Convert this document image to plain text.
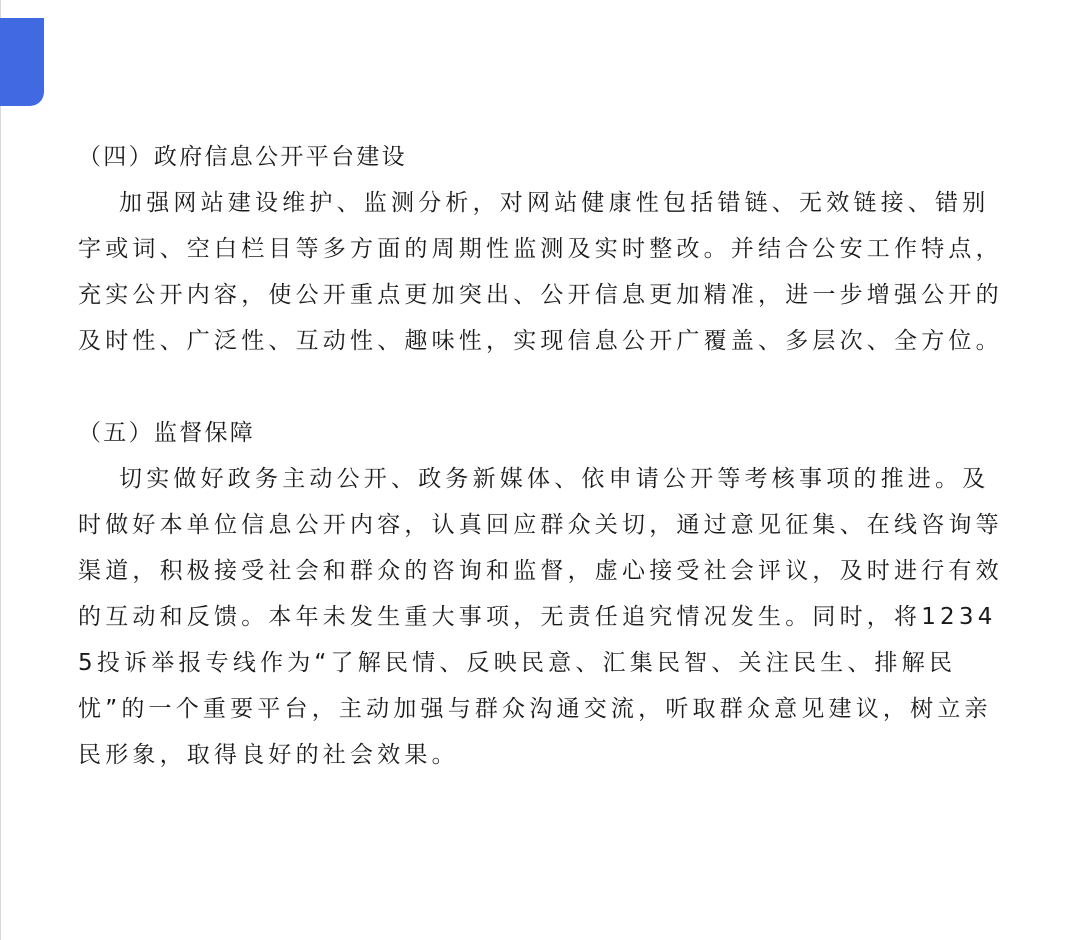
（四）政府信息公开平台建设

加强网站建设维护、监测分析，对网站健康性包括错链、无效链接、错别字或词、空白栏目等多方面的周期性监测及实时整改。并结合公安工作特点，充实公开内容，使公开重点更加突出、公开信息更加精准，进一步增强公开的及时性、广泛性、互动性、趣味性，实现信息公开广覆盖、多层次、全方位。

（五）监督保障

切实做好政务主动公开、政务新媒体、依申请公开等考核事项的推进。及时做好本单位信息公开内容，认真回应群众关切，通过意见征集、在线咨询等渠道，积极接受社会和群众的咨询和监督，虚心接受社会评议，及时进行有效的互动和反馈。本年未发生重大事项，无责任追究情况发生。同时，将12345投诉举报专线作为“了解民情、反映民意、汇集民智、关注民生、排解民忧”的一个重要平台，主动加强与群众沟通交流，听取群众意见建议，树立亲民形象，取得良好的社会效果。
